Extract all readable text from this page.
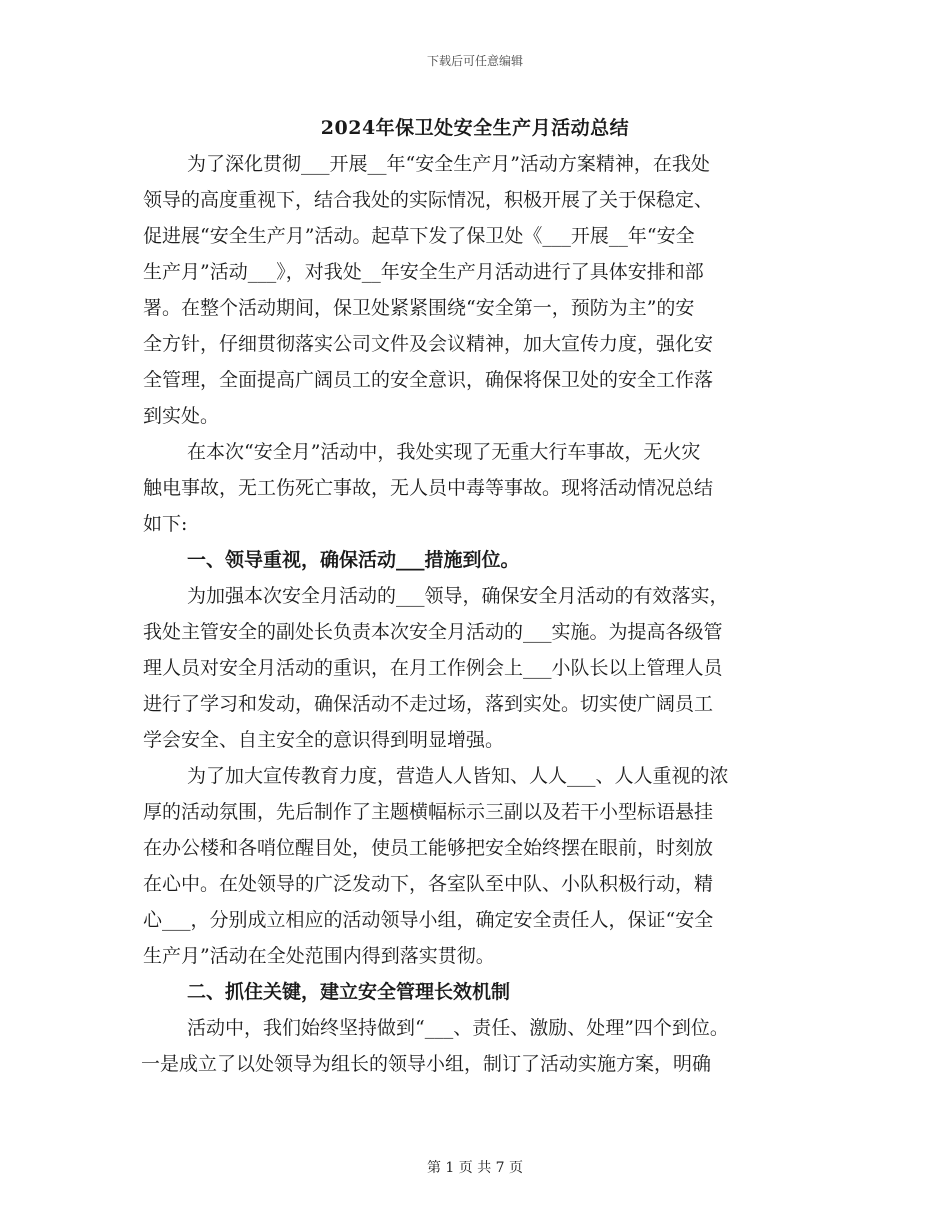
下载后可任意编辑
2024年保卫处安全生产月活动总结
为了深化贯彻___开展__年“安全生产月”活动方案精神，在我处
领导的高度重视下，结合我处的实际情况，积极开展了关于保稳定、
促进展“安全生产月”活动。起草下发了保卫处《___开展__年“安全
生产月”活动___》，对我处__年安全生产月活动进行了具体安排和部
署。在整个活动期间，保卫处紧紧围绕“安全第一，预防为主”的安
全方针，仔细贯彻落实公司文件及会议精神，加大宣传力度，强化安
全管理，全面提高广阔员工的安全意识，确保将保卫处的安全工作落
到实处。
在本次“安全月”活动中，我处实现了无重大行车事故，无火灾
触电事故，无工伤死亡事故，无人员中毒等事故。现将活动情况总结
如下:
一、领导重视，确保活动___措施到位。
为加强本次安全月活动的___领导，确保安全月活动的有效落实，
我处主管安全的副处长负责本次安全月活动的___实施。为提高各级管
理人员对安全月活动的重识，在月工作例会上___小队长以上管理人员
进行了学习和发动，确保活动不走过场，落到实处。切实使广阔员工
学会安全、自主安全的意识得到明显增强。
为了加大宣传教育力度，营造人人皆知、人人___、人人重视的浓
厚的活动氛围，先后制作了主题横幅标示三副以及若干小型标语悬挂
在办公楼和各哨位醒目处，使员工能够把安全始终摆在眼前，时刻放
在心中。在处领导的广泛发动下，各室队至中队、小队积极行动，精
心___，分别成立相应的活动领导小组，确定安全责任人，保证“安全
生产月”活动在全处范围内得到落实贯彻。
二、抓住关键，建立安全管理长效机制
活动中，我们始终坚持做到“___、责任、激励、处理”四个到位。
一是成立了以处领导为组长的领导小组，制订了活动实施方案，明确
第 1 页 共 7 页
